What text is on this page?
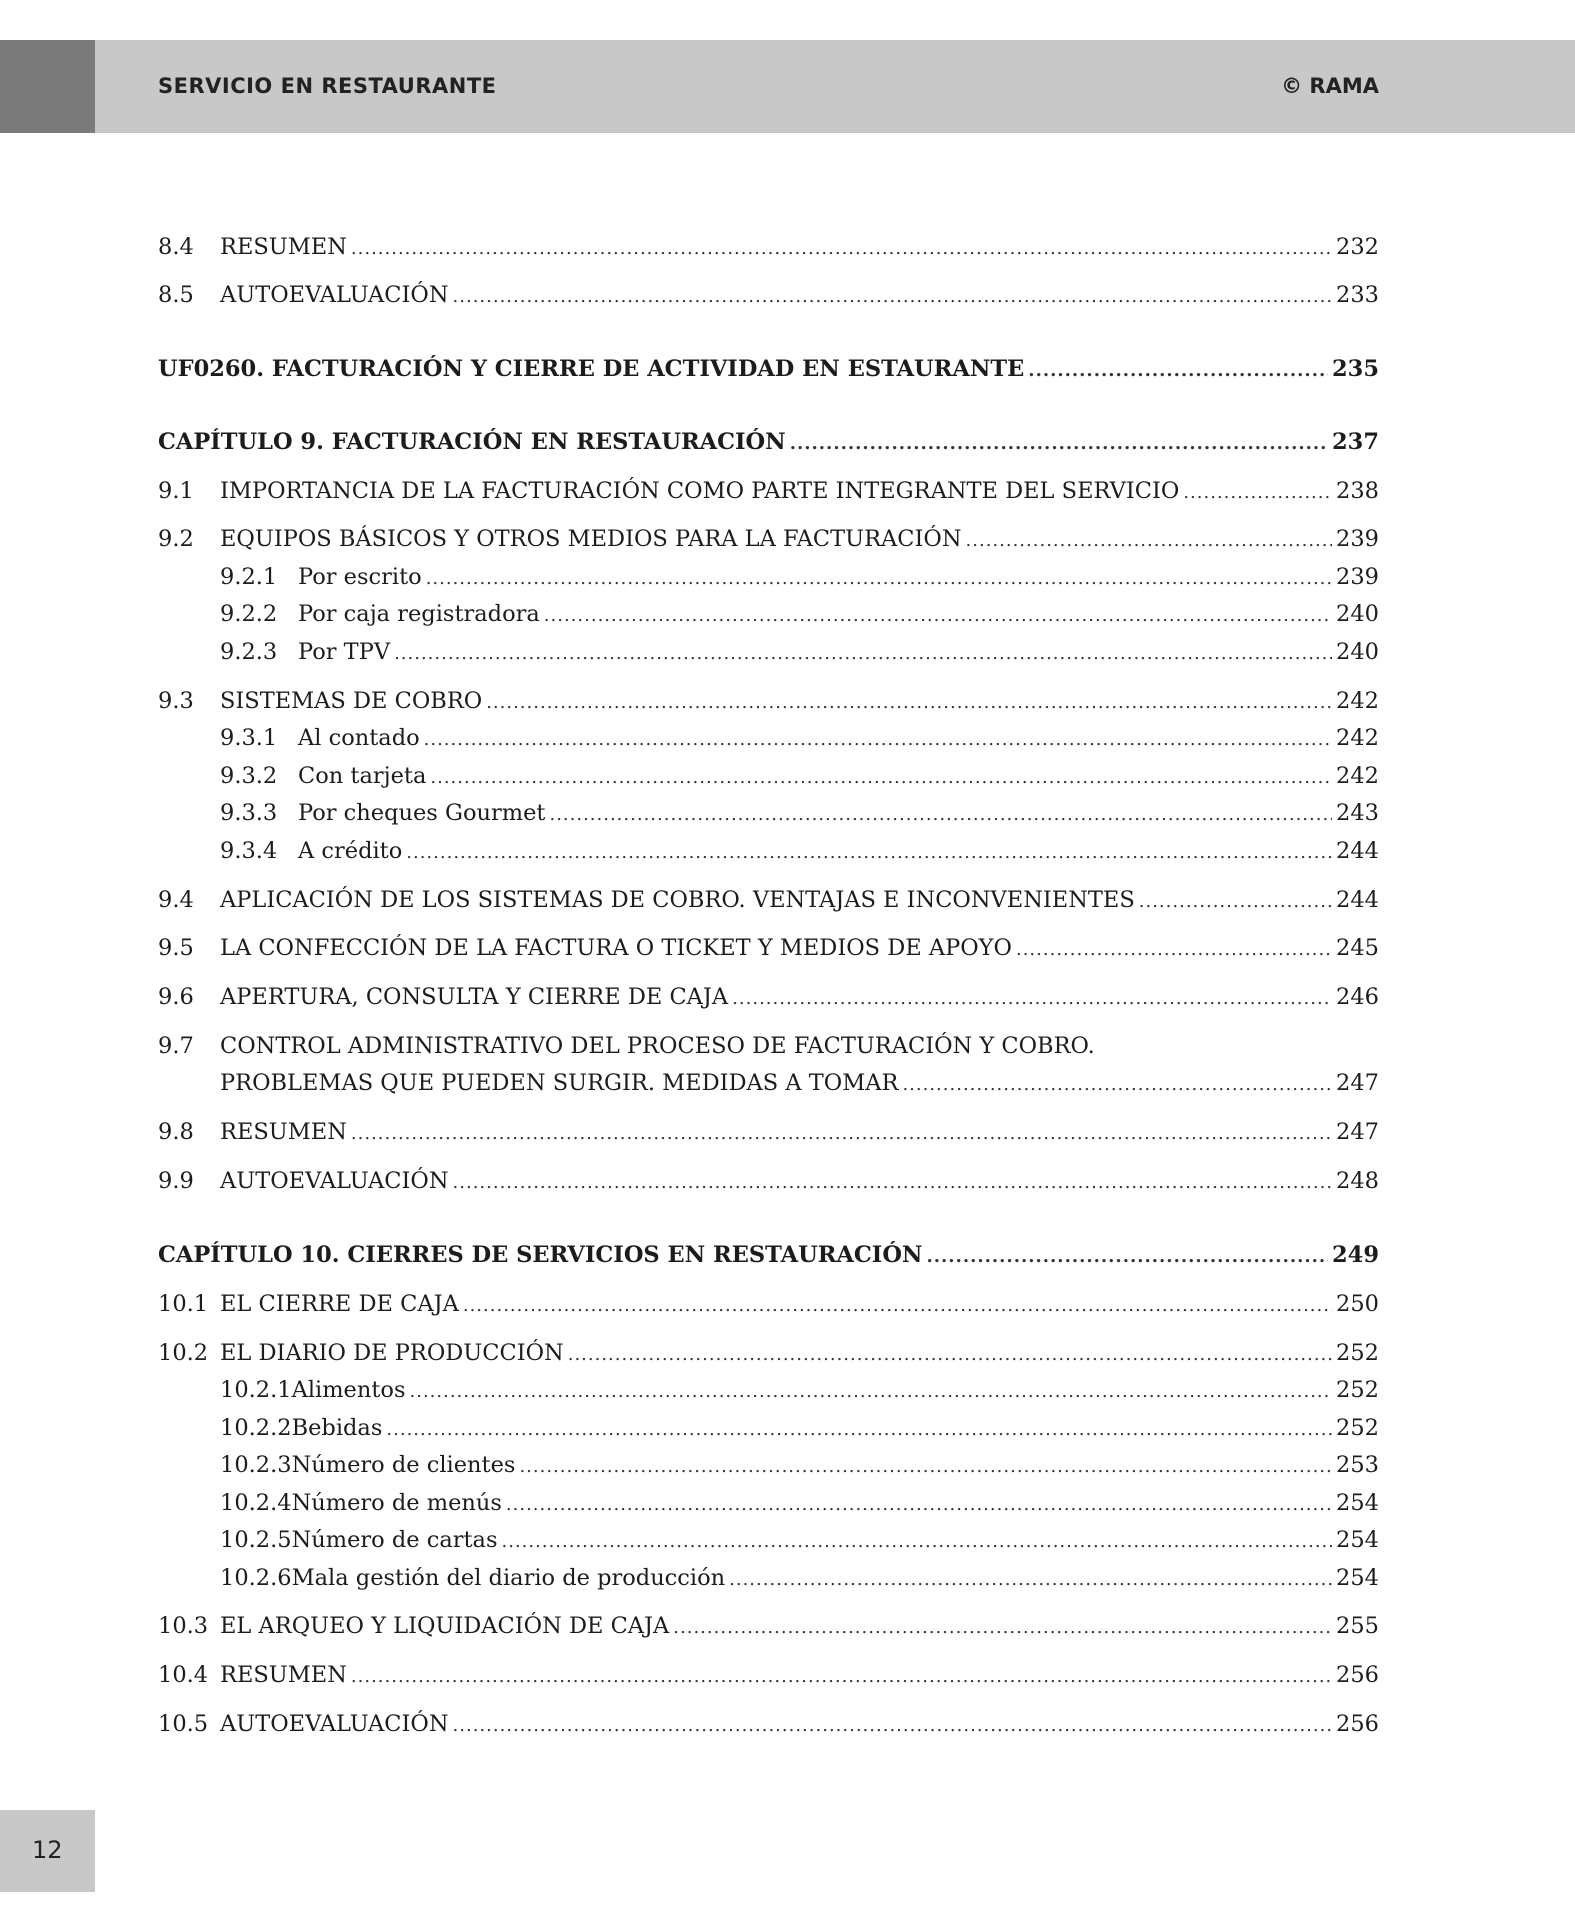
SERVICIO EN RESTAURANTE	© RAMA
8.4	RESUMEN .....	232
8.5	AUTOEVALUACIÓN .....	233
UF0260. FACTURACIÓN Y CIERRE DE ACTIVIDAD EN ESTAURANTE .....	235
CAPÍTULO 9. FACTURACIÓN EN RESTAURACIÓN .....	237
9.1	IMPORTANCIA DE LA FACTURACIÓN COMO PARTE INTEGRANTE DEL SERVICIO .....	238
9.2	EQUIPOS BÁSICOS Y OTROS MEDIOS PARA LA FACTURACIÓN .....	239
9.2.1 Por escrito .....	239
9.2.2 Por caja registradora .....	240
9.2.3 Por TPV .....	240
9.3	SISTEMAS DE COBRO .....	242
9.3.1 Al contado .....	242
9.3.2 Con tarjeta .....	242
9.3.3 Por cheques Gourmet .....	243
9.3.4 A crédito .....	244
9.4	APLICACIÓN DE LOS SISTEMAS DE COBRO. VENTAJAS E INCONVENIENTES .....	244
9.5	LA CONFECCIÓN DE LA FACTURA O TICKET Y MEDIOS DE APOYO .....	245
9.6	APERTURA, CONSULTA Y CIERRE DE CAJA .....	246
9.7	CONTROL ADMINISTRATIVO DEL PROCESO DE FACTURACIÓN Y COBRO.
PROBLEMAS QUE PUEDEN SURGIR. MEDIDAS A TOMAR .....	247
9.8	RESUMEN .....	247
9.9	AUTOEVALUACIÓN .....	248
CAPÍTULO 10. CIERRES DE SERVICIOS EN RESTAURACIÓN .....	249
10.1 EL CIERRE DE CAJA .....	250
10.2 EL DIARIO DE PRODUCCIÓN .....	252
10.2.1 Alimentos .....	252
10.2.2 Bebidas .....	252
10.2.3 Número de clientes .....	253
10.2.4 Número de menús .....	254
10.2.5 Número de cartas .....	254
10.2.6 Mala gestión del diario de producción .....	254
10.3 EL ARQUEO Y LIQUIDACIÓN DE CAJA .....	255
10.4 RESUMEN .....	256
10.5 AUTOEVALUACIÓN .....	256
12
